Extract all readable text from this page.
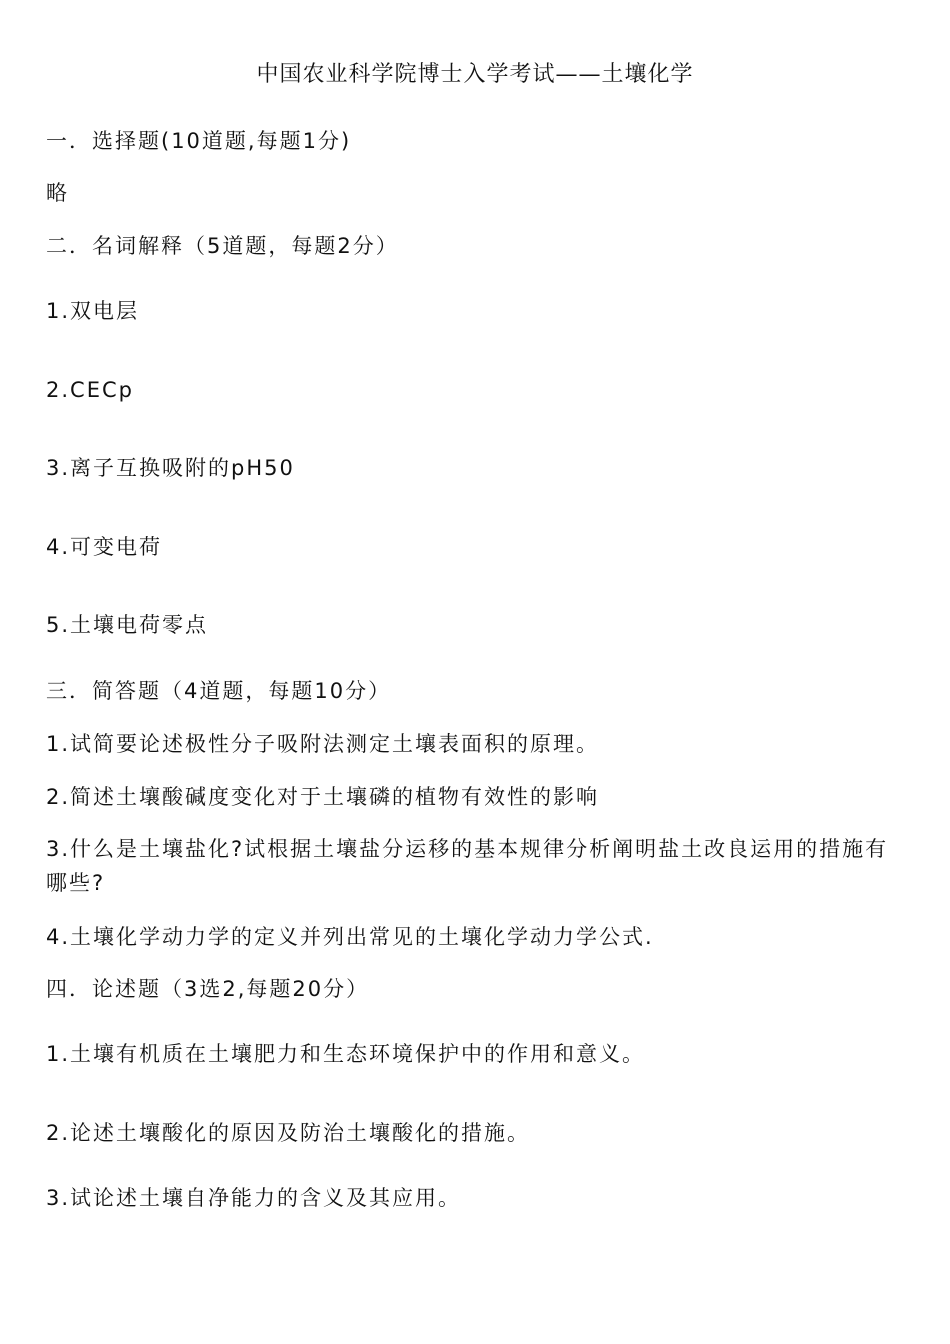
中国农业科学院博士入学考试——土壤化学
一．选择题(10道题,每题1分)
略
二．名词解释（5道题，每题2分）
1.双电层
2.CECp
3.离子互换吸附的pH50
4.可变电荷
5.土壤电荷零点
三．简答题（4道题，每题10分）
1.试简要论述极性分子吸附法测定土壤表面积的原理。
2.简述土壤酸碱度变化对于土壤磷的植物有效性的影响
3.什么是土壤盐化?试根据土壤盐分运移的基本规律分析阐明盐土改良运用的措施有哪些?
4.土壤化学动力学的定义并列出常见的土壤化学动力学公式.
四．论述题（3选2,每题20分）
1.土壤有机质在土壤肥力和生态环境保护中的作用和意义。
2.论述土壤酸化的原因及防治土壤酸化的措施。
3.试论述土壤自净能力的含义及其应用。
